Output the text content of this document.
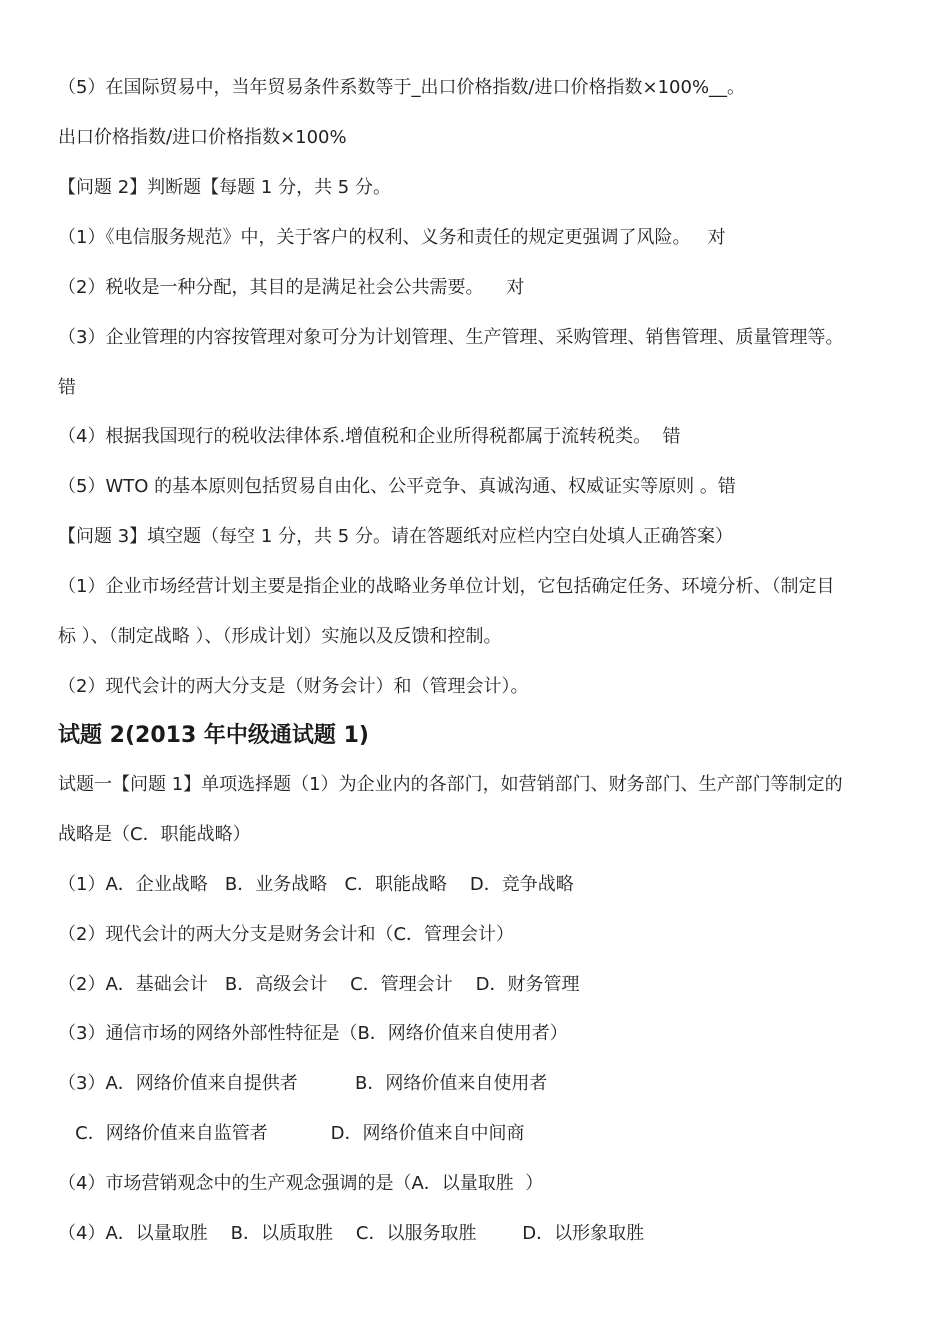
（5）在国际贸易中，当年贸易条件系数等于_出口价格指数/进口价格指数×100%__。
出口价格指数/进口价格指数×100%
【问题 2】判断题【每题 1 分，共 5 分。
（1）《电信服务规范》中，关于客户的权利、义务和责任的规定更强调了风险。   对
（2）税收是一种分配，其目的是满足社会公共需要。    对
（3）企业管理的内容按管理对象可分为计划管理、生产管理、采购管理、销售管理、质量管理等。
错
（4）根据我国现行的税收法律体系.增值税和企业所得税都属于流转税类。  错
（5）WTO 的基本原则包括贸易自由化、公平竞争、真诚沟通、权威证实等原则 。错
【问题 3】填空题（每空 1 分，共 5 分。请在答题纸对应栏内空白处填人正确答案）
（1）企业市场经营计划主要是指企业的战略业务单位计划，它包括确定任务、环境分析、（制定目
标 ）、（制定战略 ）、（形成计划）实施以及反馈和控制。
（2）现代会计的两大分支是（财务会计）和（管理会计）。
试题 2(2013 年中级通试题 1)
试题一【问题 1】单项选择题（1）为企业内的各部门，如营销部门、财务部门、生产部门等制定的
战略是（C．职能战略）
（1）A．企业战略   B．业务战略   C．职能战略    D．竞争战略
（2）现代会计的两大分支是财务会计和（C．管理会计）
（2）A．基础会计   B．高级会计    C．管理会计    D．财务管理
（3）通信市场的网络外部性特征是（B．网络价值来自使用者）
（3）A．网络价值来自提供者          B．网络价值来自使用者
C．网络价值来自监管者           D．网络价值来自中间商
（4）市场营销观念中的生产观念强调的是（A．以量取胜  ）
（4）A．以量取胜    B．以质取胜    C．以服务取胜        D．以形象取胜
